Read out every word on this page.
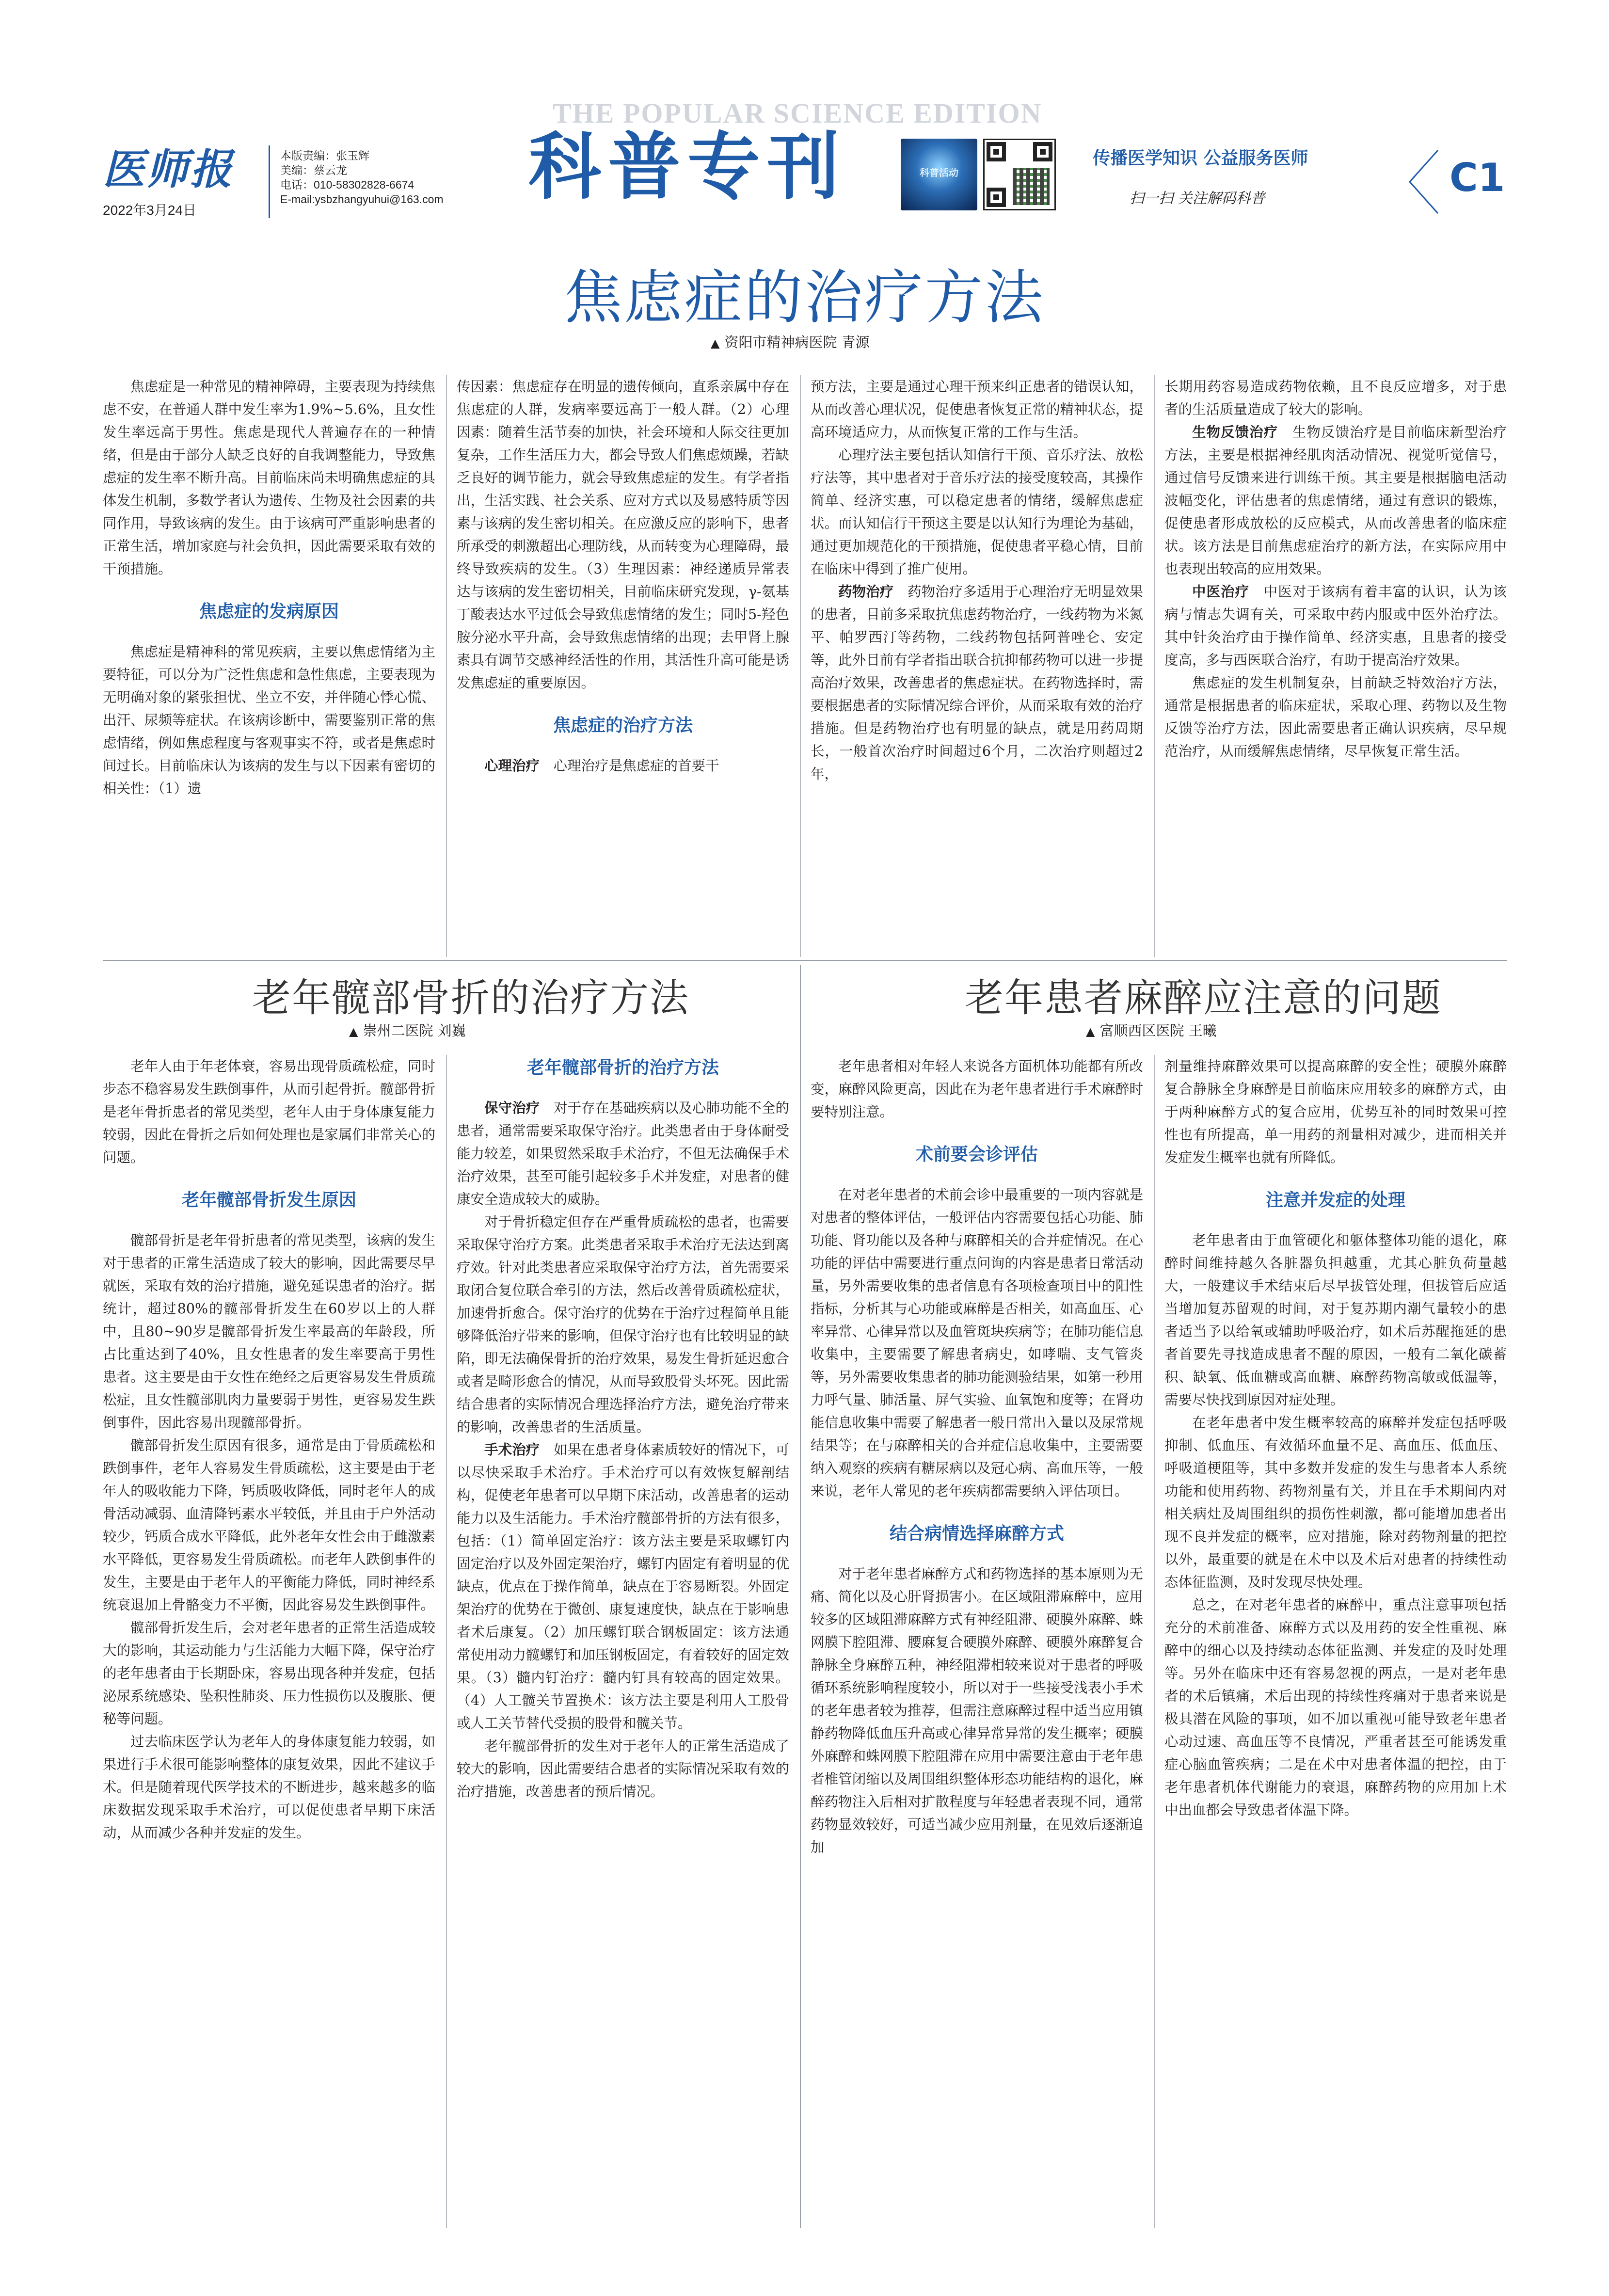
医师报
2022年3月24日
本版责编：张玉辉
美编：蔡云龙
电话：010-58302828-6674
E-mail:ysbzhangyuhui@163.com
THE POPULAR SCIENCE EDITION
科普专刊	科普活动
传播医学知识 公益服务医师
扫一扫 关注解码科普	C1
焦虑症的治疗方法
▲ 资阳市精神病医院 青源

焦虑症是一种常见的精神障碍，主要表现为持续焦虑不安，在普通人群中发生率为1.9%~5.6%，且女性发生率远高于男性。焦虑是现代人普遍存在的一种情绪，但是由于部分人缺乏良好的自我调整能力，导致焦虑症的发生率不断升高。目前临床尚未明确焦虑症的具体发生机制，多数学者认为遗传、生物及社会因素的共同作用，导致该病的发生。由于该病可严重影响患者的正常生活，增加家庭与社会负担，因此需要采取有效的干预措施。

焦虑症的发病原因

焦虑症是精神科的常见疾病，主要以焦虑情绪为主要特征，可以分为广泛性焦虑和急性焦虑，主要表现为无明确对象的紧张担忧、坐立不安，并伴随心悸心慌、出汗、尿频等症状。在该病诊断中，需要鉴别正常的焦虑情绪，例如焦虑程度与客观事实不符，或者是焦虑时间过长。目前临床认为该病的发生与以下因素有密切的相关性：（1）遗

传因素：焦虑症存在明显的遗传倾向，直系亲属中存在焦虑症的人群，发病率要远高于一般人群。（2）心理因素：随着生活节奏的加快，社会环境和人际交往更加复杂，工作生活压力大，都会导致人们焦虑烦躁，若缺乏良好的调节能力，就会导致焦虑症的发生。有学者指出，生活实践、社会关系、应对方式以及易感特质等因素与该病的发生密切相关。在应激反应的影响下，患者所承受的刺激超出心理防线，从而转变为心理障碍，最终导致疾病的发生。（3）生理因素：神经递质异常表达与该病的发生密切相关，目前临床研究发现，γ-氨基丁酸表达水平过低会导致焦虑情绪的发生；同时5-羟色胺分泌水平升高，会导致焦虑情绪的出现；去甲肾上腺素具有调节交感神经活性的作用，其活性升高可能是诱发焦虑症的重要原因。

焦虑症的治疗方法

心理治疗  心理治疗是焦虑症的首要干

预方法，主要是通过心理干预来纠正患者的错误认知，从而改善心理状况，促使患者恢复正常的精神状态，提高环境适应力，从而恢复正常的工作与生活。

心理疗法主要包括认知信行干预、音乐疗法、放松疗法等，其中患者对于音乐疗法的接受度较高，其操作简单、经济实惠，可以稳定患者的情绪，缓解焦虑症状。而认知信行干预这主要是以认知行为理论为基础，通过更加规范化的干预措施，促使患者平稳心情，目前在临床中得到了推广使用。

药物治疗  药物治疗多适用于心理治疗无明显效果的患者，目前多采取抗焦虑药物治疗，一线药物为米氮平、帕罗西汀等药物，二线药物包括阿普唑仑、安定等，此外目前有学者指出联合抗抑郁药物可以进一步提高治疗效果，改善患者的焦虑症状。在药物选择时，需要根据患者的实际情况综合评价，从而采取有效的治疗措施。但是药物治疗也有明显的缺点，就是用药周期长，一般首次治疗时间超过6个月，二次治疗则超过2年，

长期用药容易造成药物依赖，且不良反应增多，对于患者的生活质量造成了较大的影响。

生物反馈治疗  生物反馈治疗是目前临床新型治疗方法，主要是根据神经肌肉活动情况、视觉听觉信号，通过信号反馈来进行训练干预。其主要是根据脑电活动波幅变化，评估患者的焦虑情绪，通过有意识的锻炼，促使患者形成放松的反应模式，从而改善患者的临床症状。该方法是目前焦虑症治疗的新方法，在实际应用中也表现出较高的应用效果。

中医治疗  中医对于该病有着丰富的认识，认为该病与情志失调有关，可采取中药内服或中医外治疗法。其中针灸治疗由于操作简单、经济实惠，且患者的接受度高，多与西医联合治疗，有助于提高治疗效果。

焦虑症的发生机制复杂，目前缺乏特效治疗方法，通常是根据患者的临床症状，采取心理、药物以及生物反馈等治疗方法，因此需要患者正确认识疾病，尽早规范治疗，从而缓解焦虑情绪，尽早恢复正常生活。

老年髋部骨折的治疗方法
▲ 崇州二医院 刘巍

老年人由于年老体衰，容易出现骨质疏松症，同时步态不稳容易发生跌倒事件，从而引起骨折。髋部骨折是老年骨折患者的常见类型，老年人由于身体康复能力较弱，因此在骨折之后如何处理也是家属们非常关心的问题。

老年髋部骨折发生原因

髋部骨折是老年骨折患者的常见类型，该病的发生对于患者的正常生活造成了较大的影响，因此需要尽早就医，采取有效的治疗措施，避免延误患者的治疗。据统计，超过80%的髋部骨折发生在60岁以上的人群中，且80~90岁是髋部骨折发生率最高的年龄段，所占比重达到了40%，且女性患者的发生率要高于男性患者。这主要是由于女性在绝经之后更容易发生骨质疏松症，且女性髋部肌肉力量要弱于男性，更容易发生跌倒事件，因此容易出现髋部骨折。

髋部骨折发生原因有很多，通常是由于骨质疏松和跌倒事件，老年人容易发生骨质疏松，这主要是由于老年人的吸收能力下降，钙质吸收降低，同时老年人的成骨活动减弱、血清降钙素水平较低，并且由于户外活动较少，钙质合成水平降低，此外老年女性会由于雌激素水平降低，更容易发生骨质疏松。而老年人跌倒事件的发生，主要是由于老年人的平衡能力降低，同时神经系统衰退加上骨骼变力不平衡，因此容易发生跌倒事件。

髋部骨折发生后，会对老年患者的正常生活造成较大的影响，其运动能力与生活能力大幅下降，保守治疗的老年患者由于长期卧床，容易出现各种并发症，包括泌尿系统感染、坠积性肺炎、压力性损伤以及腹胀、便秘等问题。

过去临床医学认为老年人的身体康复能力较弱，如果进行手术很可能影响整体的康复效果，因此不建议手术。但是随着现代医学技术的不断进步，越来越多的临床数据发现采取手术治疗，可以促使患者早期下床活动，从而减少各种并发症的发生。

老年髋部骨折的治疗方法

保守治疗  对于存在基础疾病以及心肺功能不全的患者，通常需要采取保守治疗。此类患者由于身体耐受能力较差，如果贸然采取手术治疗，不但无法确保手术治疗效果，甚至可能引起较多手术并发症，对患者的健康安全造成较大的威胁。

对于骨折稳定但存在严重骨质疏松的患者，也需要采取保守治疗方案。此类患者采取手术治疗无法达到离疗效。针对此类患者应采取保守治疗方法，首先需要采取闭合复位联合牵引的方法，然后改善骨质疏松症状，加速骨折愈合。保守治疗的优势在于治疗过程简单且能够降低治疗带来的影响，但保守治疗也有比较明显的缺陷，即无法确保骨折的治疗效果，易发生骨折延迟愈合或者是畸形愈合的情况，从而导致股骨头坏死。因此需结合患者的实际情况合理选择治疗方法，避免治疗带来的影响，改善患者的生活质量。

手术治疗  如果在患者身体素质较好的情况下，可以尽快采取手术治疗。手术治疗可以有效恢复解剖结构，促使老年患者可以早期下床活动，改善患者的运动能力以及生活能力。手术治疗髋部骨折的方法有很多，包括：（1）简单固定治疗：该方法主要是采取螺钉内固定治疗以及外固定架治疗，螺钉内固定有着明显的优缺点，优点在于操作简单，缺点在于容易断裂。外固定架治疗的优势在于微创、康复速度快，缺点在于影响患者术后康复。（2）加压螺钉联合钢板固定：该方法通常使用动力髋螺钉和加压钢板固定，有着较好的固定效果。（3）髓内钉治疗：髓内钉具有较高的固定效果。（4）人工髋关节置换术：该方法主要是利用人工股骨或人工关节替代受损的股骨和髋关节。

老年髋部骨折的发生对于老年人的正常生活造成了较大的影响，因此需要结合患者的实际情况采取有效的治疗措施，改善患者的预后情况。

老年患者麻醉应注意的问题
▲ 富顺西区医院 王曦

老年患者相对年轻人来说各方面机体功能都有所改变，麻醉风险更高，因此在为老年患者进行手术麻醉时要特别注意。

术前要会诊评估

在对老年患者的术前会诊中最重要的一项内容就是对患者的整体评估，一般评估内容需要包括心功能、肺功能、肾功能以及各种与麻醉相关的合并症情况。在心功能的评估中需要进行重点问询的内容是患者日常活动量，另外需要收集的患者信息有各项检查项目中的阳性指标，分析其与心功能或麻醉是否相关，如高血压、心率异常、心律异常以及血管斑块疾病等；在肺功能信息收集中，主要需要了解患者病史，如哮喘、支气管炎等，另外需要收集患者的肺功能测验结果，如第一秒用力呼气量、肺活量、屏气实验、血氧饱和度等；在肾功能信息收集中需要了解患者一般日常出入量以及尿常规结果等；在与麻醉相关的合并症信息收集中，主要需要纳入观察的疾病有糖尿病以及冠心病、高血压等，一般来说，老年人常见的老年疾病都需要纳入评估项目。

结合病情选择麻醉方式

对于老年患者麻醉方式和药物选择的基本原则为无痛、简化以及心肝肾损害小。在区域阻滞麻醉中，应用较多的区域阻滞麻醉方式有神经阻滞、硬膜外麻醉、蛛网膜下腔阻滞、腰麻复合硬膜外麻醉、硬膜外麻醉复合静脉全身麻醉五种，神经阻滞相较来说对于患者的呼吸循环系统影响程度较小，所以对于一些接受浅表小手术的老年患者较为推荐，但需注意麻醉过程中适当应用镇静药物降低血压升高或心律异常异常的发生概率；硬膜外麻醉和蛛网膜下腔阻滞在应用中需要注意由于老年患者椎管闭缩以及周围组织整体形态功能结构的退化，麻醉药物注入后相对扩散程度与年轻患者表现不同，通常药物显效较好，可适当减少应用剂量，在见效后逐渐追加

剂量维持麻醉效果可以提高麻醉的安全性；硬膜外麻醉复合静脉全身麻醉是目前临床应用较多的麻醉方式，由于两种麻醉方式的复合应用，优势互补的同时效果可控性也有所提高，单一用药的剂量相对减少，进而相关并发症发生概率也就有所降低。

注意并发症的处理

老年患者由于血管硬化和躯体整体功能的退化，麻醉时间维持越久各脏器负担越重，尤其心脏负荷量越大，一般建议手术结束后尽早拔管处理，但拔管后应适当增加复苏留观的时间，对于复苏期内潮气量较小的患者适当予以给氧或辅助呼吸治疗，如术后苏醒拖延的患者首要先寻找造成患者不醒的原因，一般有二氧化碳蓄积、缺氧、低血糖或高血糖、麻醉药物高敏或低温等，需要尽快找到原因对症处理。

在老年患者中发生概率较高的麻醉并发症包括呼吸抑制、低血压、有效循环血量不足、高血压、低血压、呼吸道梗阻等，其中多数并发症的发生与患者本人系统功能和使用药物、药物剂量有关，并且在手术期间内对相关病灶及周围组织的损伤性刺激，都可能增加患者出现不良并发症的概率，应对措施，除对药物剂量的把控以外，最重要的就是在术中以及术后对患者的持续性动态体征监测，及时发现尽快处理。

总之，在对老年患者的麻醉中，重点注意事项包括充分的术前准备、麻醉方式以及用药的安全性重视、麻醉中的细心以及持续动态体征监测、并发症的及时处理等。另外在临床中还有容易忽视的两点，一是对老年患者的术后镇痛，术后出现的持续性疼痛对于患者来说是极具潜在风险的事项，如不加以重视可能导致老年患者心动过速、高血压等不良情况，严重者甚至可能诱发重症心脑血管疾病；二是在术中对患者体温的把控，由于老年患者机体代谢能力的衰退，麻醉药物的应用加上术中出血都会导致患者体温下降。
